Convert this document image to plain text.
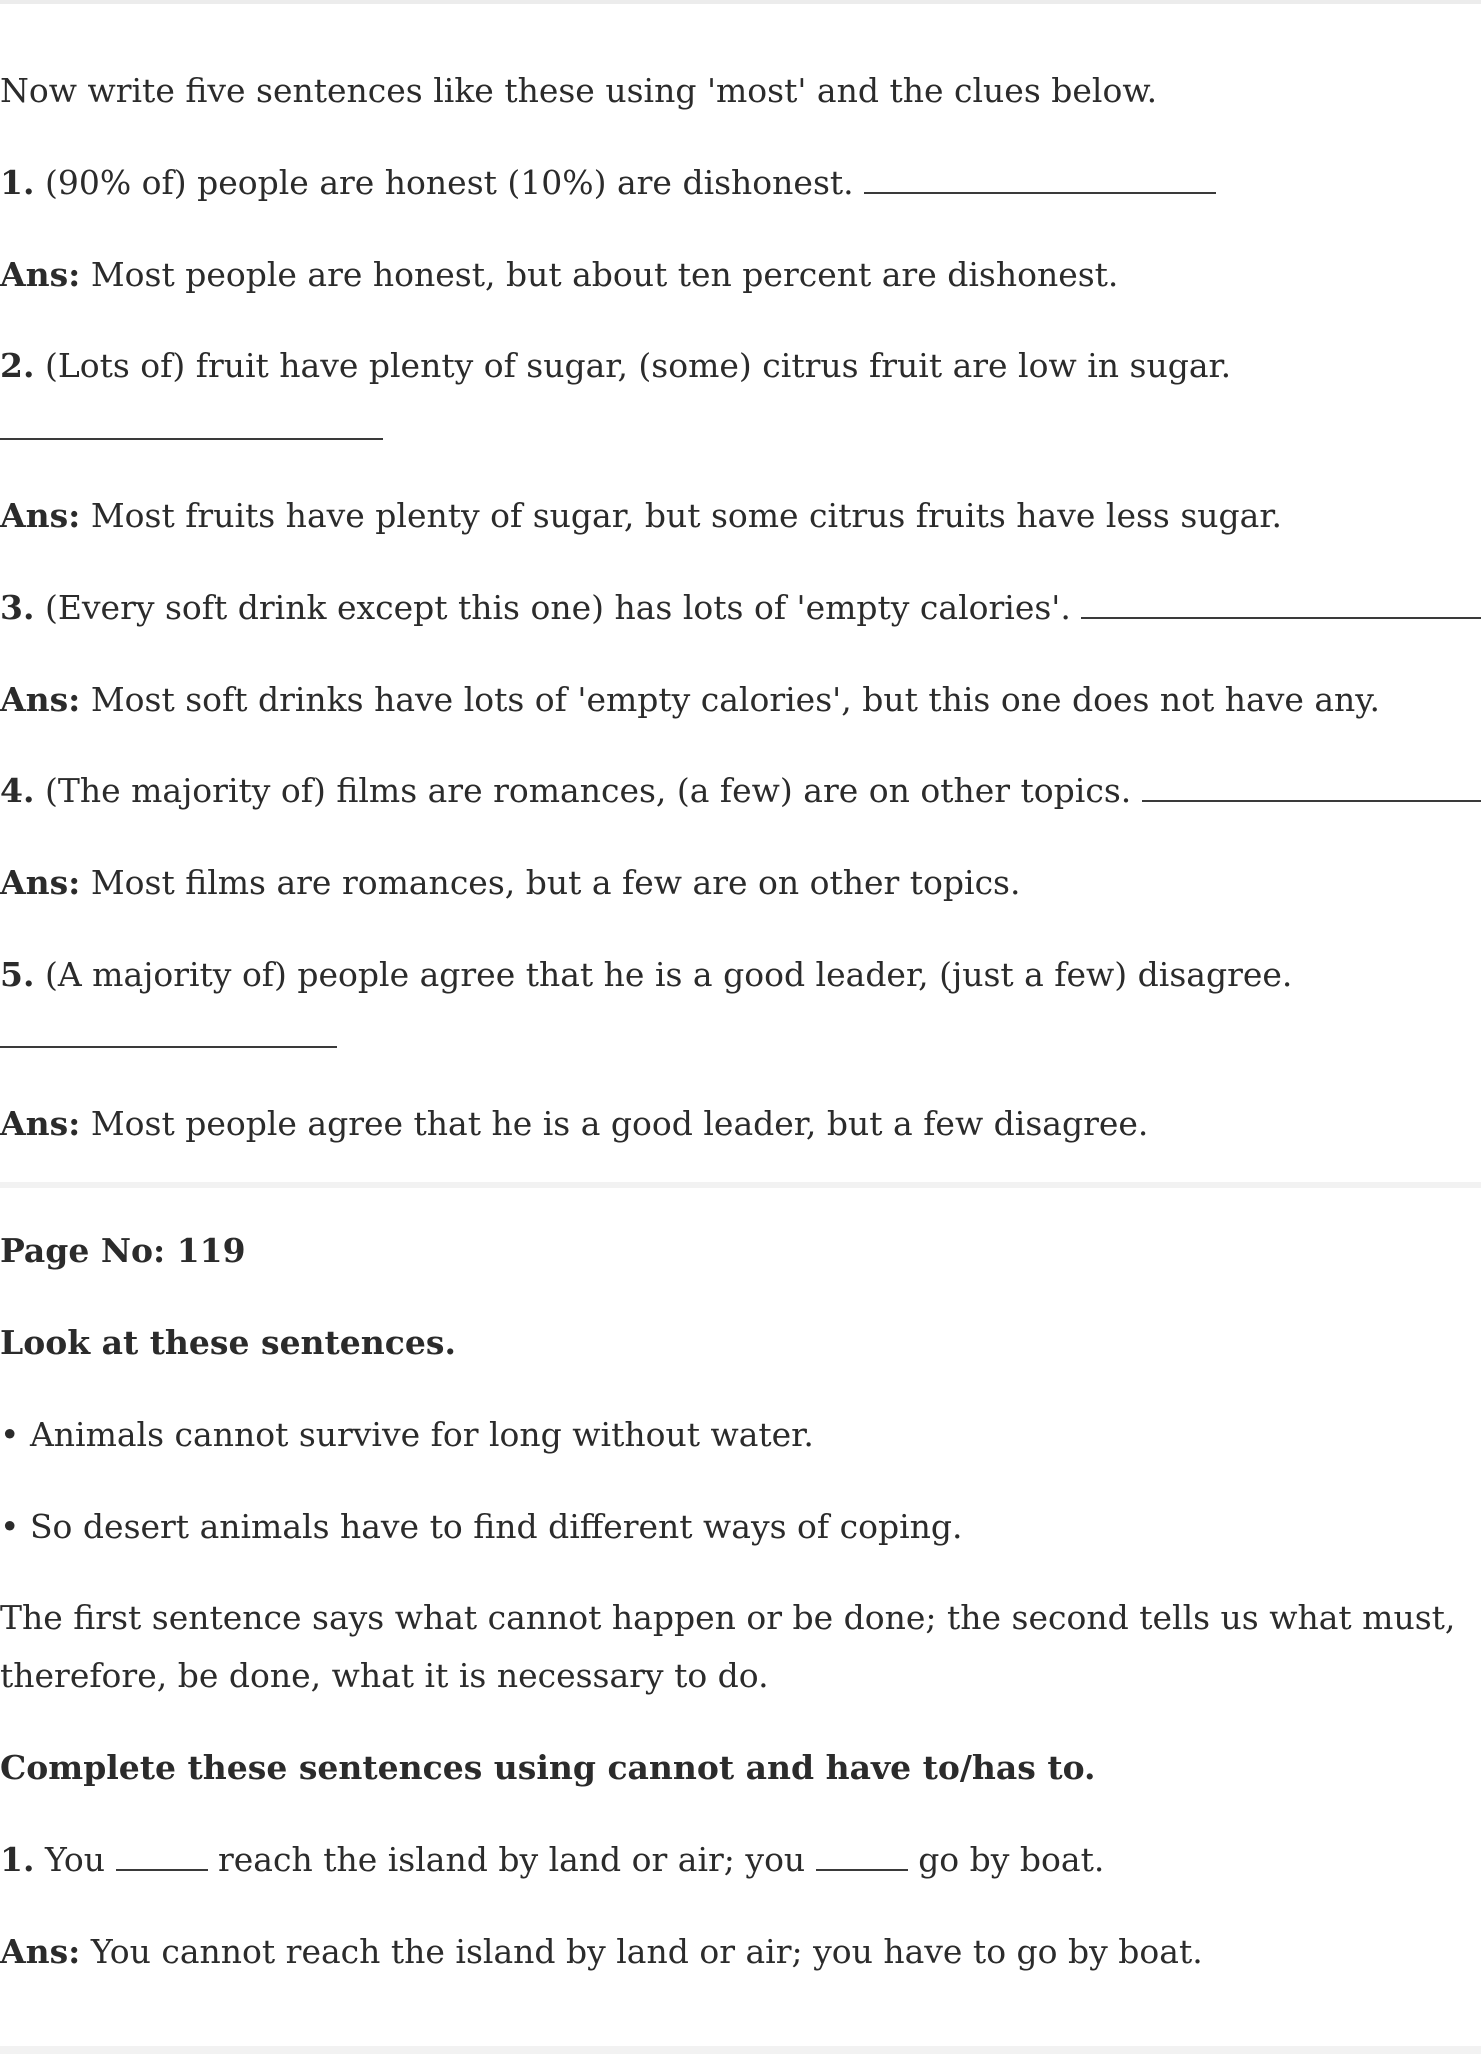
Now write five sentences like these using 'most' and the clues below.

1. (90% of) people are honest (10%) are dishonest.

Ans: Most people are honest, but about ten percent are dishonest.

2. (Lots of) fruit have plenty of sugar, (some) citrus fruit are low in sugar.

Ans: Most fruits have plenty of sugar, but some citrus fruits have less sugar.

3. (Every soft drink except this one) has lots of 'empty calories'.

Ans: Most soft drinks have lots of 'empty calories', but this one does not have any.

4. (The majority of) films are romances, (a few) are on other topics.

Ans: Most films are romances, but a few are on other topics.

5. (A majority of) people agree that he is a good leader, (just a few) disagree.

Ans: Most people agree that he is a good leader, but a few disagree.

Page No: 119

Look at these sentences.

• Animals cannot survive for long without water.

• So desert animals have to find different ways of coping.

The first sentence says what cannot happen or be done; the second tells us what must,

therefore, be done, what it is necessary to do.

Complete these sentences using cannot and have to/has to.

1. You	reach the island by land or air; you	go by boat.

Ans: You cannot reach the island by land or air; you have to go by boat.
